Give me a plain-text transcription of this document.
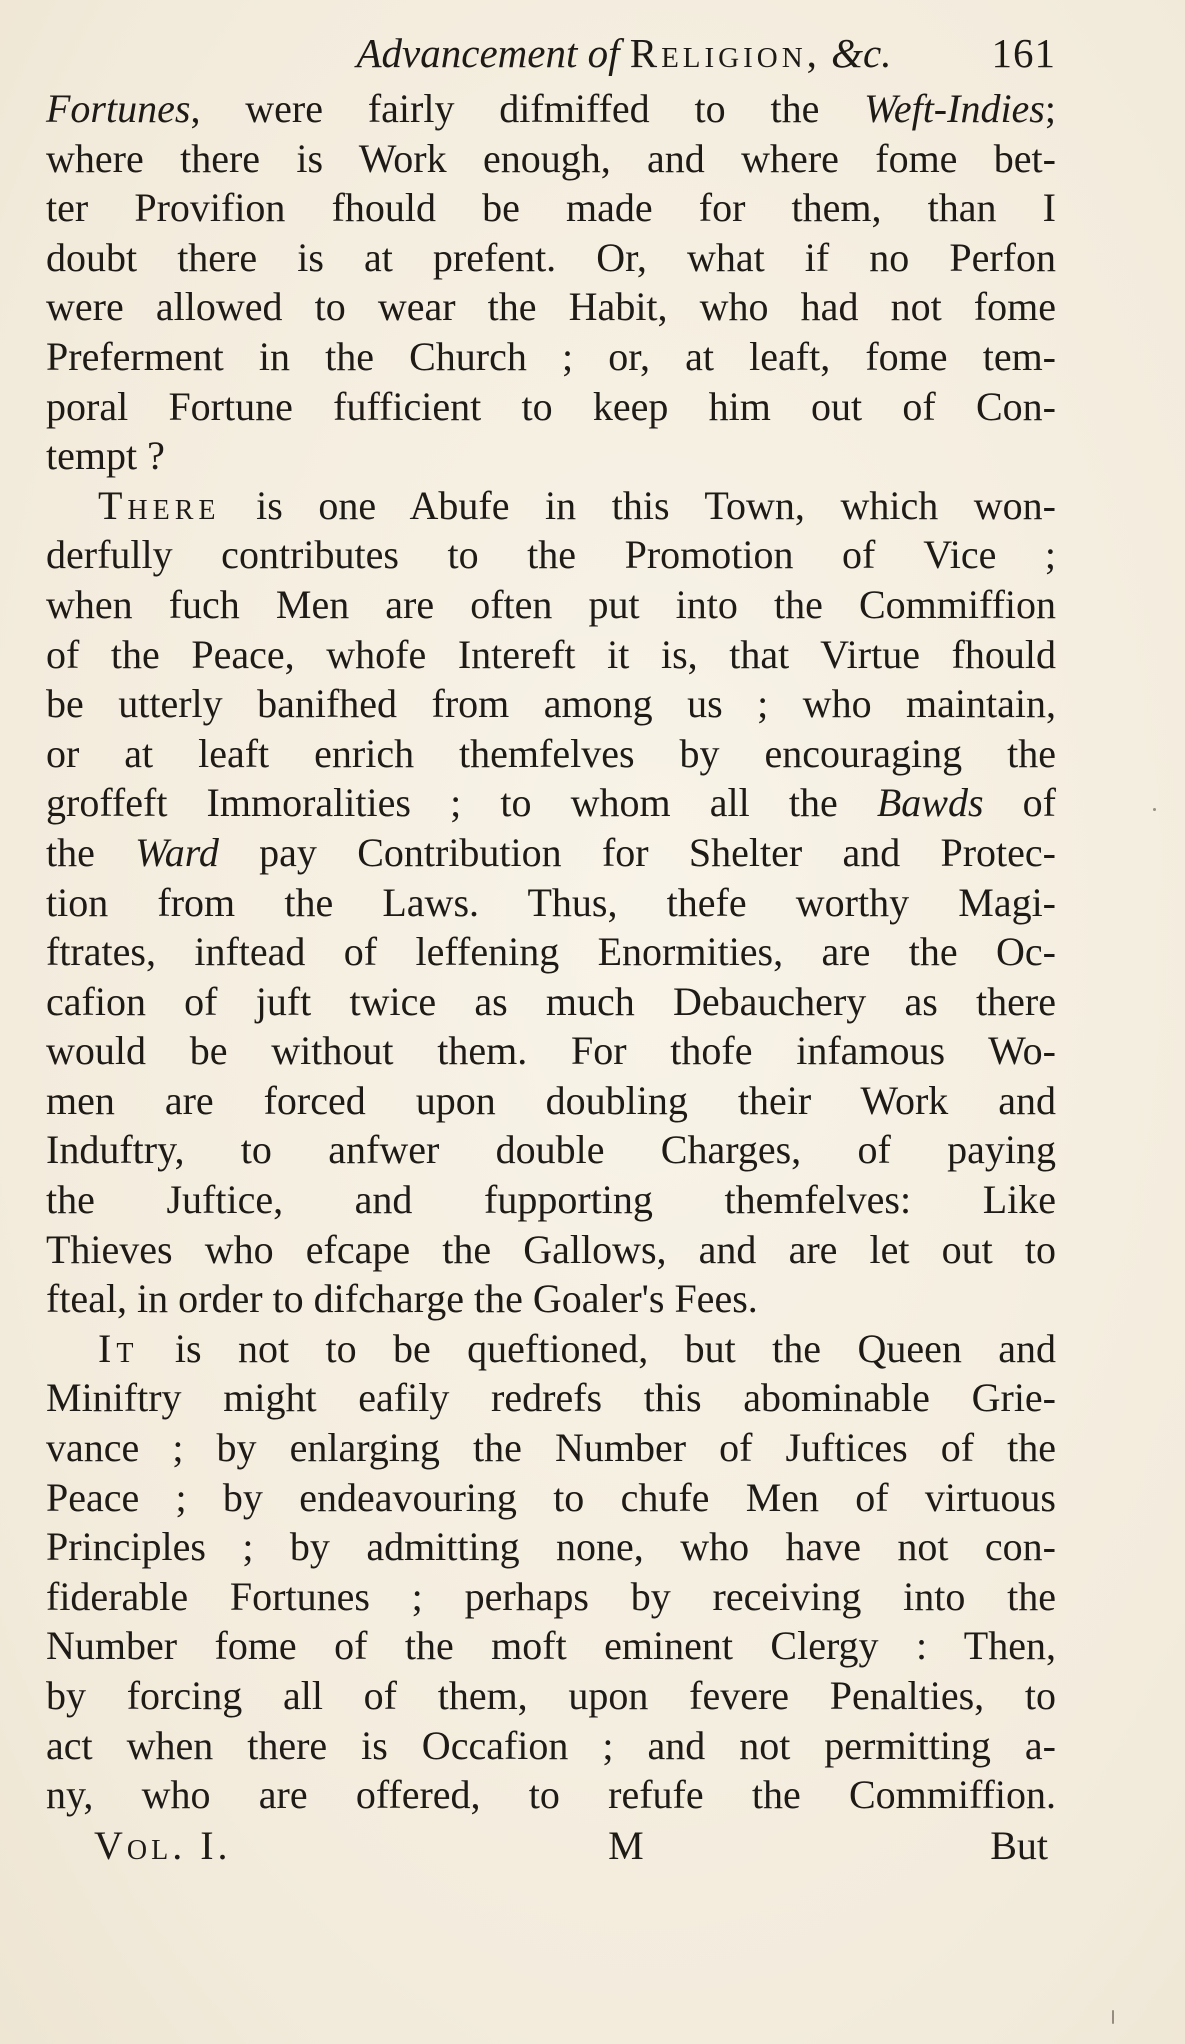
Advancement of Religion, &c. 161
Fortunes, were fairly difmiffed to the Weft-Indies;
where there is Work enough, and where fome bet-
ter Provifion fhould be made for them, than I
doubt there is at prefent. Or, what if no Perfon
were allowed to wear the Habit, who had not fome
Preferment in the Church ; or, at leaft, fome tem-
poral Fortune fufficient to keep him out of Con-
tempt ?
There is one Abufe in this Town, which won-
derfully contributes to the Promotion of Vice ;
when fuch Men are often put into the Commiffion
of the Peace, whofe Intereft it is, that Virtue fhould
be utterly banifhed from among us ; who maintain,
or at leaft enrich themfelves by encouraging the
groffeft Immoralities ; to whom all the Bawds of
the Ward pay Contribution for Shelter and Protec-
tion from the Laws. Thus, thefe worthy Magi-
ftrates, inftead of leffening Enormities, are the Oc-
cafion of juft twice as much Debauchery as there
would be without them. For thofe infamous Wo-
men are forced upon doubling their Work and
Induftry, to anfwer double Charges, of paying
the Juftice, and fupporting themfelves: Like
Thieves who efcape the Gallows, and are let out to
fteal, in order to difcharge the Goaler's Fees.
It is not to be queftioned, but the Queen and
Miniftry might eafily redrefs this abominable Grie-
vance ; by enlarging the Number of Juftices of the
Peace ; by endeavouring to chufe Men of virtuous
Principles ; by admitting none, who have not con-
fiderable Fortunes ; perhaps by receiving into the
Number fome of the moft eminent Clergy : Then,
by forcing all of them, upon fevere Penalties, to
act when there is Occafion ; and not permitting a-
ny, who are offered, to refufe the Commiffion.
Vol. I.	M	But
